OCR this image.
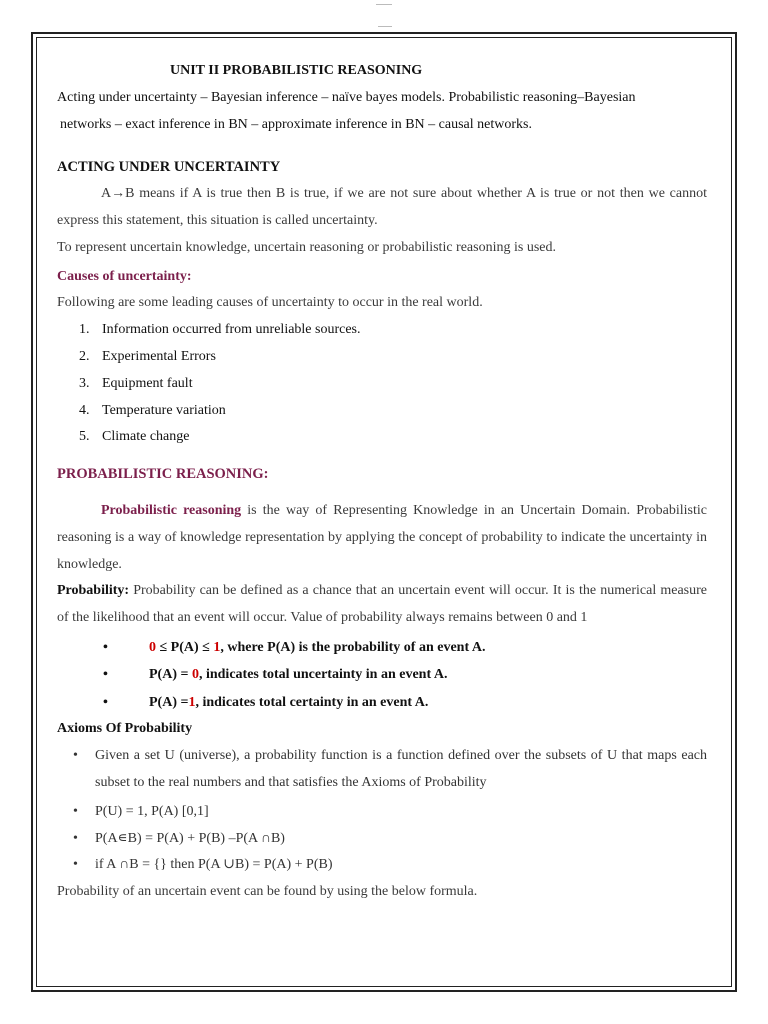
UNIT II PROBABILISTIC REASONING
Acting under uncertainty – Bayesian inference – naïve bayes models. Probabilistic reasoning–Bayesian
networks – exact inference in BN – approximate inference in BN – causal networks.
ACTING UNDER UNCERTAINTY
A→B means if A is true then B is true, if we are not sure about whether A is true or not then we cannot express this statement, this situation is called uncertainty.
To represent uncertain knowledge, uncertain reasoning or probabilistic reasoning is used.
Causes of uncertainty:
Following are some leading causes of uncertainty to occur in the real world.
1. Information occurred from unreliable sources.
2. Experimental Errors
3. Equipment fault
4. Temperature variation
5. Climate change
PROBABILISTIC REASONING:
Probabilistic reasoning is the way of Representing Knowledge in an Uncertain Domain. Probabilistic reasoning is a way of knowledge representation by applying the concept of probability to indicate the uncertainty in knowledge.
Probability: Probability can be defined as a chance that an uncertain event will occur. It is the numerical measure of the likelihood that an event will occur. Value of probability always remains between 0 and 1
•	0 ≤ P(A) ≤ 1, where P(A) is the probability of an event A.
•	P(A) = 0, indicates total uncertainty in an event A.
•	P(A) =1, indicates total certainty in an event A.
Axioms Of Probability
• Given a set U (universe), a probability function is a function defined over the subsets of U that maps each subset to the real numbers and that satisfies the Axioms of Probability
• P(U) = 1, P(A) [0,1]
• P(A∊B) = P(A) + P(B) –P(A ∩B)
• if A ∩B = {} then P(A ∪B) = P(A) + P(B)
Probability of an uncertain event can be found by using the below formula.
